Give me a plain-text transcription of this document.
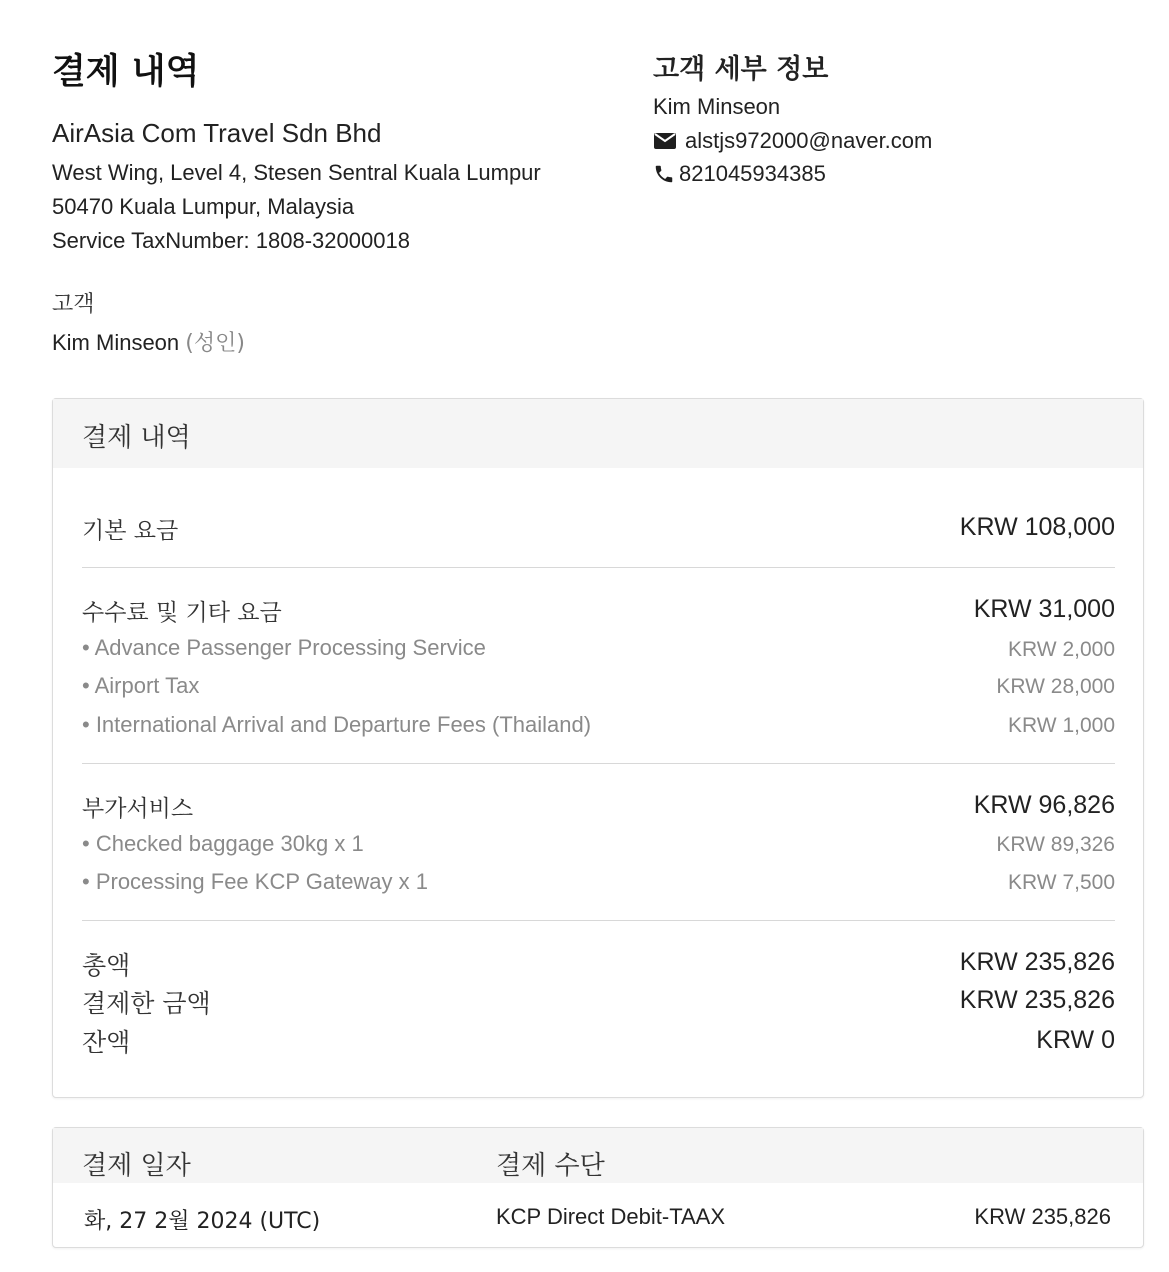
결제 내역
AirAsia Com Travel Sdn Bhd
West Wing, Level 4, Stesen Sentral Kuala Lumpur
50470 Kuala Lumpur, Malaysia
Service TaxNumber: 1808-32000018
고객
Kim Minseon (성인)
고객 세부 정보
Kim Minseon
alstjs972000@naver.com
821045934385
결제 내역
기본 요금	KRW 108,000
수수료 및 기타 요금	KRW 31,000
• Advance Passenger Processing Service	KRW 2,000
• Airport Tax	KRW 28,000
• International Arrival and Departure Fees (Thailand)	KRW 1,000
부가서비스	KRW 96,826
• Checked baggage 30kg x 1	KRW 89,326
• Processing Fee KCP Gateway x 1	KRW 7,500
총액	KRW 235,826
결제한 금액	KRW 235,826
잔액	KRW 0
결제 일자	결제 수단
화, 27 2월 2024 (UTC)	KCP Direct Debit-TAAX	KRW 235,826
